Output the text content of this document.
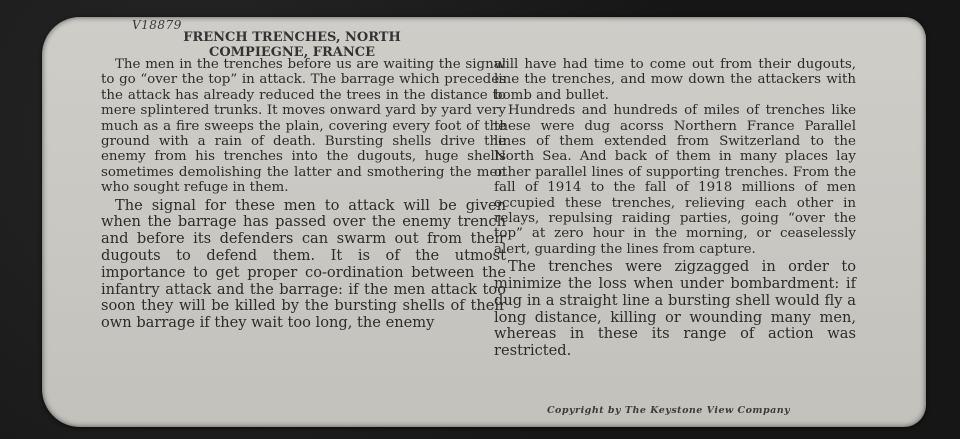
V18879
FRENCH TRENCHES, NORTH
COMPIEGNE, FRANCE

The men in the trenches before us are waiting the signal to go “over the top” in attack. The barrage which precedes the attack has already reduced the trees in the distance to mere splintered trunks. It moves onward yard by yard very much as a fire sweeps the plain, covering every foot of the ground with a rain of death. Bursting shells drive the enemy from his trenches into the dugouts, huge shells sometimes demolishing the latter and smothering the men who sought refuge in them.

The signal for these men to attack will be given when the barrage has passed over the enemy trench and before its defenders can swarm out from their dugouts to defend them. It is of the utmost importance to get proper co-ordination between the infantry attack and the barrage: if the men attack too soon they will be killed by the bursting shells of their own barrage if they wait too long, the enemy

will have had time to come out from their dugouts, line the trenches, and mow down the attackers with bomb and bullet.

Hundreds and hundreds of miles of trenches like these were dug acorss Northern France Parallel lines of them extended from Switzerland to the North Sea. And back of them in many places lay other parallel lines of supporting trenches. From the fall of 1914 to the fall of 1918 millions of men occupied these trenches, relieving each other in relays, repulsing raiding parties, going “over the top” at zero hour in the morning, or ceaselessly alert, guarding the lines from capture.

The trenches were zigzagged in order to minimize the loss when under bombardment: if dug in a straight line a bursting shell would fly a long distance, killing or wounding many men, whereas in these its range of action was restricted.

Copyright by The Keystone View Company
